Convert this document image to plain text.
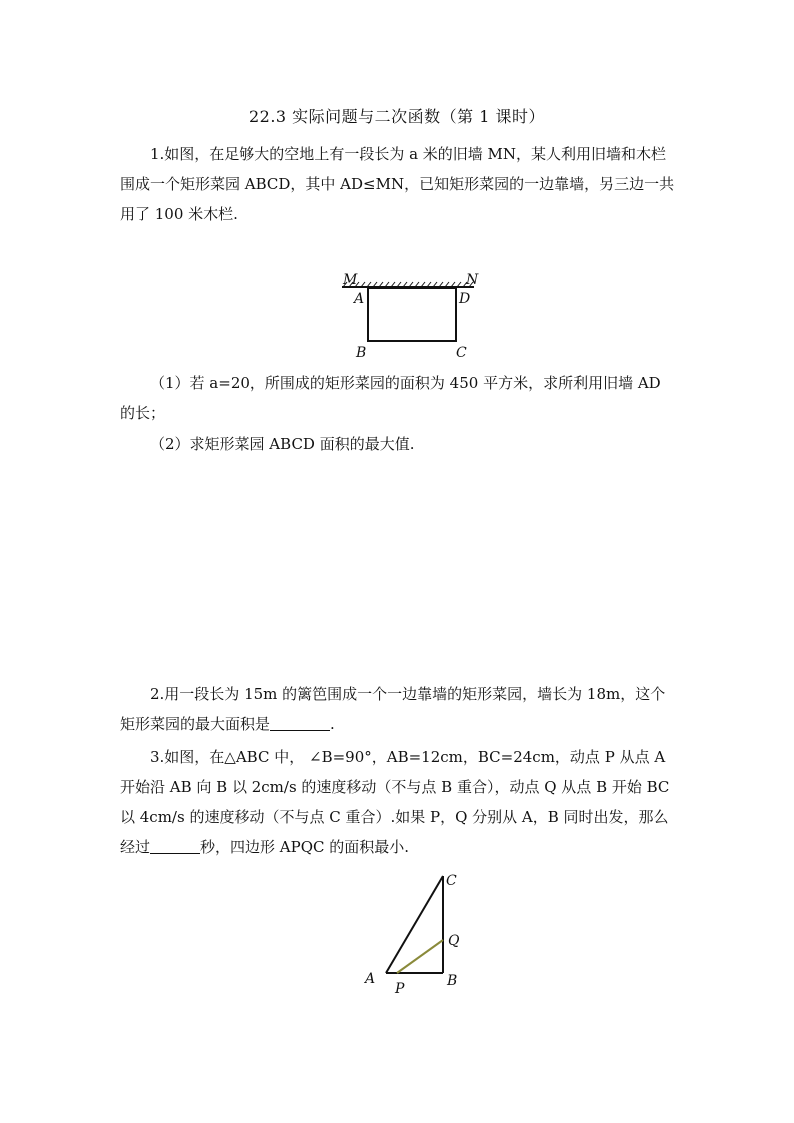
22.3 实际问题与二次函数（第 1 课时）

1.如图，在足够大的空地上有一段长为 a 米的旧墙 MN，某人利用旧墙和木栏围成一个矩形菜园 ABCD，其中 AD≤MN，已知矩形菜园的一边靠墙，另三边一共用了 100 米木栏.

M	N
A	D
B	C

（1）若 a=20，所围成的矩形菜园的面积为 450 平方米，求所利用旧墙 AD 的长；

（2）求矩形菜园 ABCD 面积的最大值.

2.用一段长为 15m 的篱笆围成一个一边靠墙的矩形菜园，墙长为 18m，这个矩形菜园的最大面积是	.

3.如图，在△ABC 中， ∠B=90°，AB=12cm，BC=24cm，动点 P 从点 A 开始沿 AB 向 B 以 2cm/s 的速度移动（不与点 B 重合），动点 Q 从点 B 开始 BC 以 4cm/s 的速度移动（不与点 C 重合）.如果 P，Q 分别从 A，B 同时出发，那么经过	秒，四边形 APQC 的面积最小.

C
Q
A	B
P
